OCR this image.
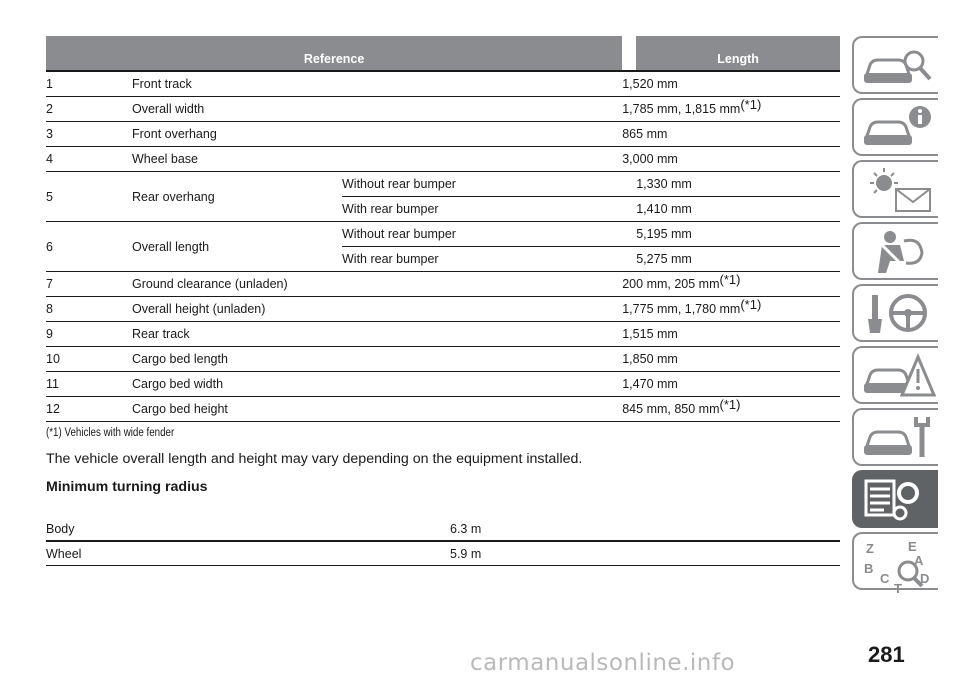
Reference				Length
1	Front track		1,520 mm	
2	Overall width		1,785 mm, 1,815 mm$^{(*1)}$
3	Front overhang		865 mm	
4	Wheel base		3,000 mm	
5	Rear overhang	Without rear bumper		1,330 mm
		With rear bumper		1,410 mm
6	Overall length	Without rear bumper		5,195 mm
		With rear bumper		5,275 mm
7	Ground clearance (unladen)		200 mm, 205 mm$^{(*1)}$
8	Overall height (unladen)		1,775 mm, 1,780 mm$^{(*1)}$
9	Rear track		1,515 mm	
10	Cargo bed length		1,850 mm	
11	Cargo bed width		1,470 mm	
12	Cargo bed height		845 mm, 850 mm$^{(*1)}$
(*1) Vehicles with wide fender
The vehicle overall length and height may vary depending on the equipment installed.
Minimum turning radius
Body	6.3 m
Wheel	5.9 m	Z	E
B
A
C D
T
281
carmanualsonline.info
